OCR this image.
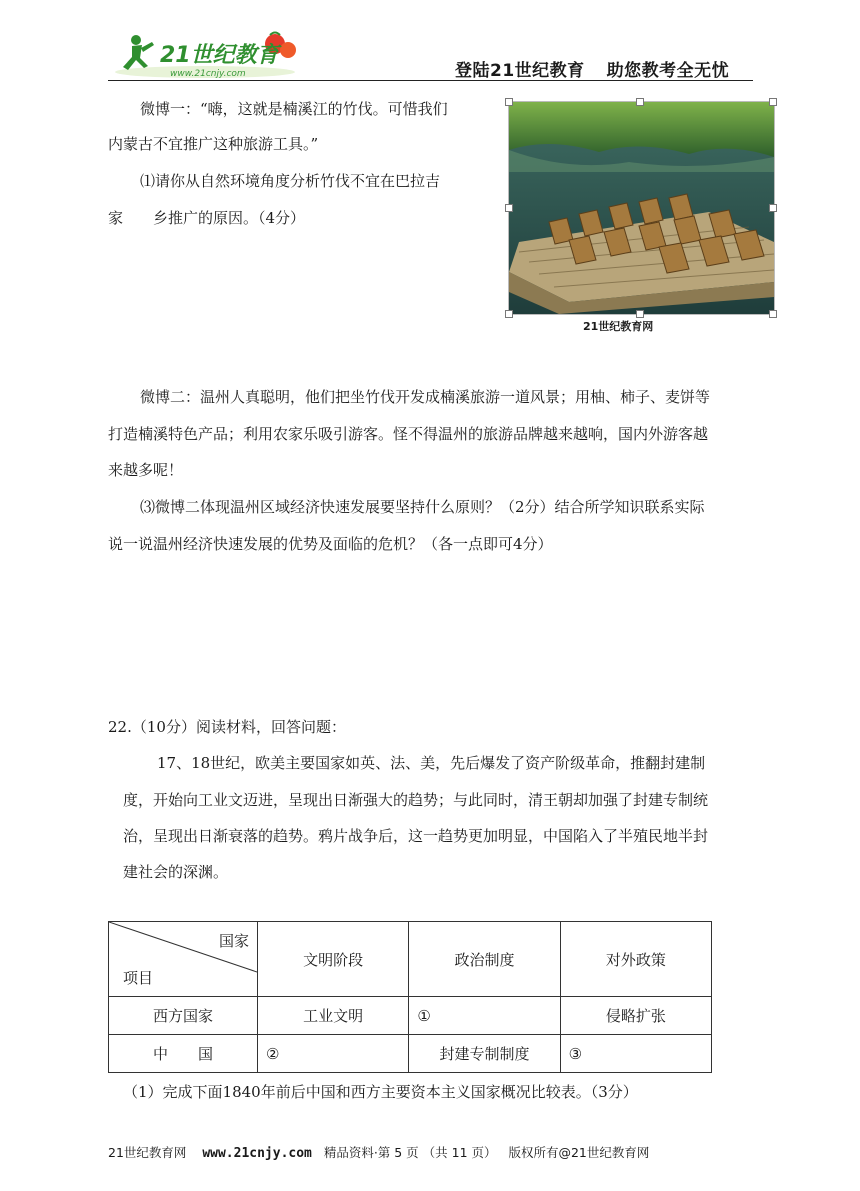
21世纪教育
www.21cnjy.com	登陆21世纪教育 助您教考全无忧
微博一：“嗨，这就是楠溪江的竹伐。可惜我们
内蒙古不宜推广这种旅游工具。”
⑴请你从自然环境角度分析竹伐不宜在巴拉吉
家　　乡推广的原因。（4分）
21世纪教育网
微博二：温州人真聪明，他们把坐竹伐开发成楠溪旅游一道风景；用柚、柿子、麦饼等
打造楠溪特色产品；利用农家乐吸引游客。怪不得温州的旅游品牌越来越响，国内外游客越
来越多呢！
⑶微博二体现温州区域经济快速发展要坚持什么原则？（2分）结合所学知识联系实际
说一说温州经济快速发展的优势及面临的危机？（各一点即可4分）
22.（10分）阅读材料，回答问题：
17、18世纪，欧美主要国家如英、法、美，先后爆发了资产阶级革命，推翻封建制
度，开始向工业文迈进，呈现出日渐强大的趋势；与此同时，清王朝却加强了封建专制统
治，呈现出日渐衰落的趋势。鸦片战争后，这一趋势更加明显，中国陷入了半殖民地半封
建社会的深渊。
国家
项目	文明阶段	政治制度	对外政策
西方国家	工业文明	①	侵略扩张
中　　国	②	封建专制制度	③
（1）完成下面1840年前后中国和西方主要资本主义国家概况比较表。（3分）
21世纪教育网 www.21cnjy.com 精品资料·第 5 页 （共 11 页） 版权所有@21世纪教育网
